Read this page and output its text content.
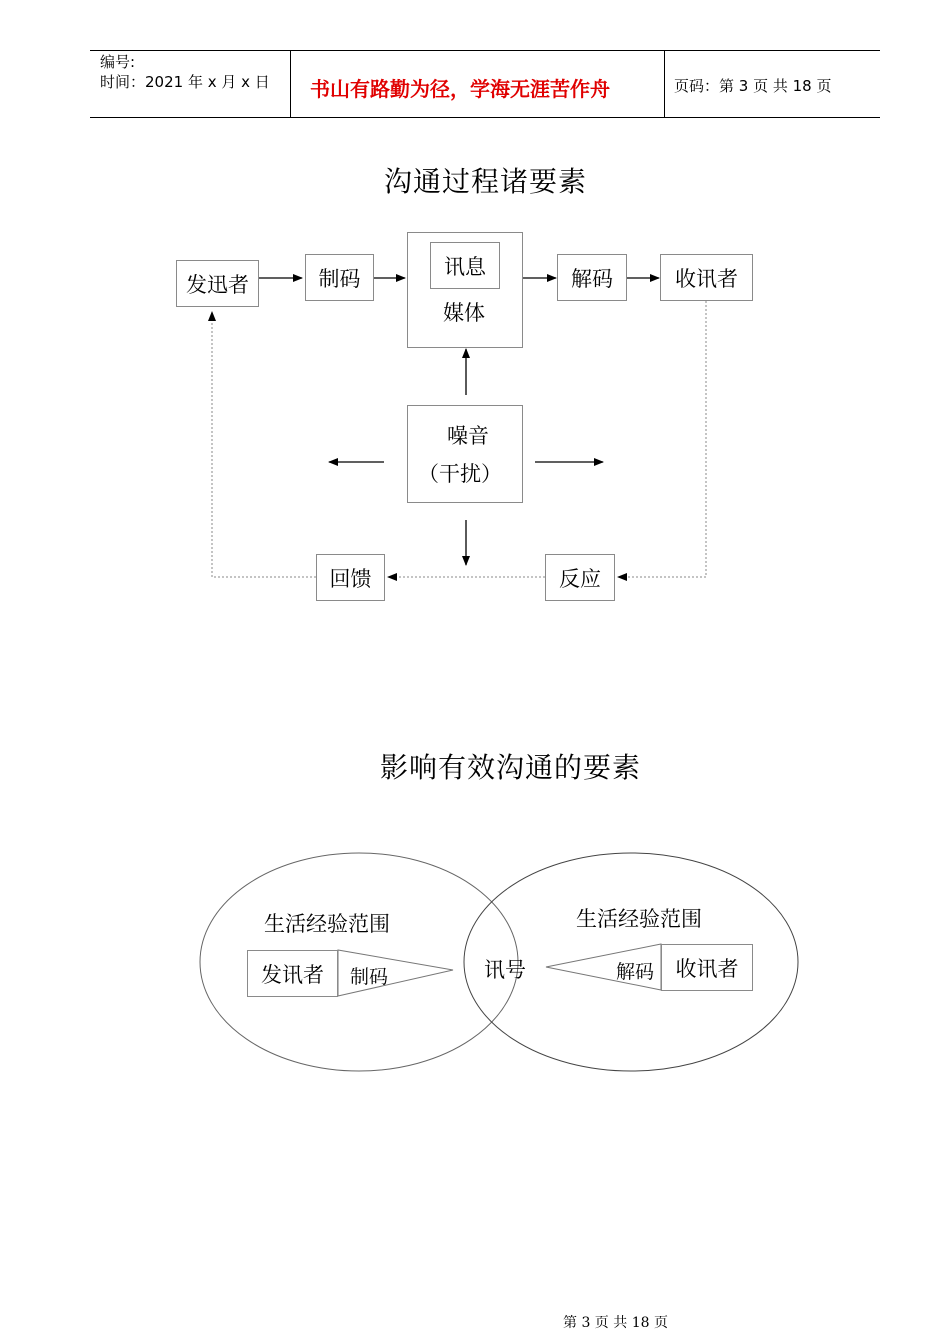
编号:
时间：2021 年 x 月 x 日 书山有路勤为径，学海无涯苦作舟	页码：第 3 页 共 18 页
沟通过程诸要素
发迅者	制码	讯息
媒体
解码	收讯者
噪音
（干扰）
回馈	反应
影响有效沟通的要素
生活经验范围	生活经验范围
发讯者 制码	讯号	解码 收讯者
第 3 页 共 18 页
